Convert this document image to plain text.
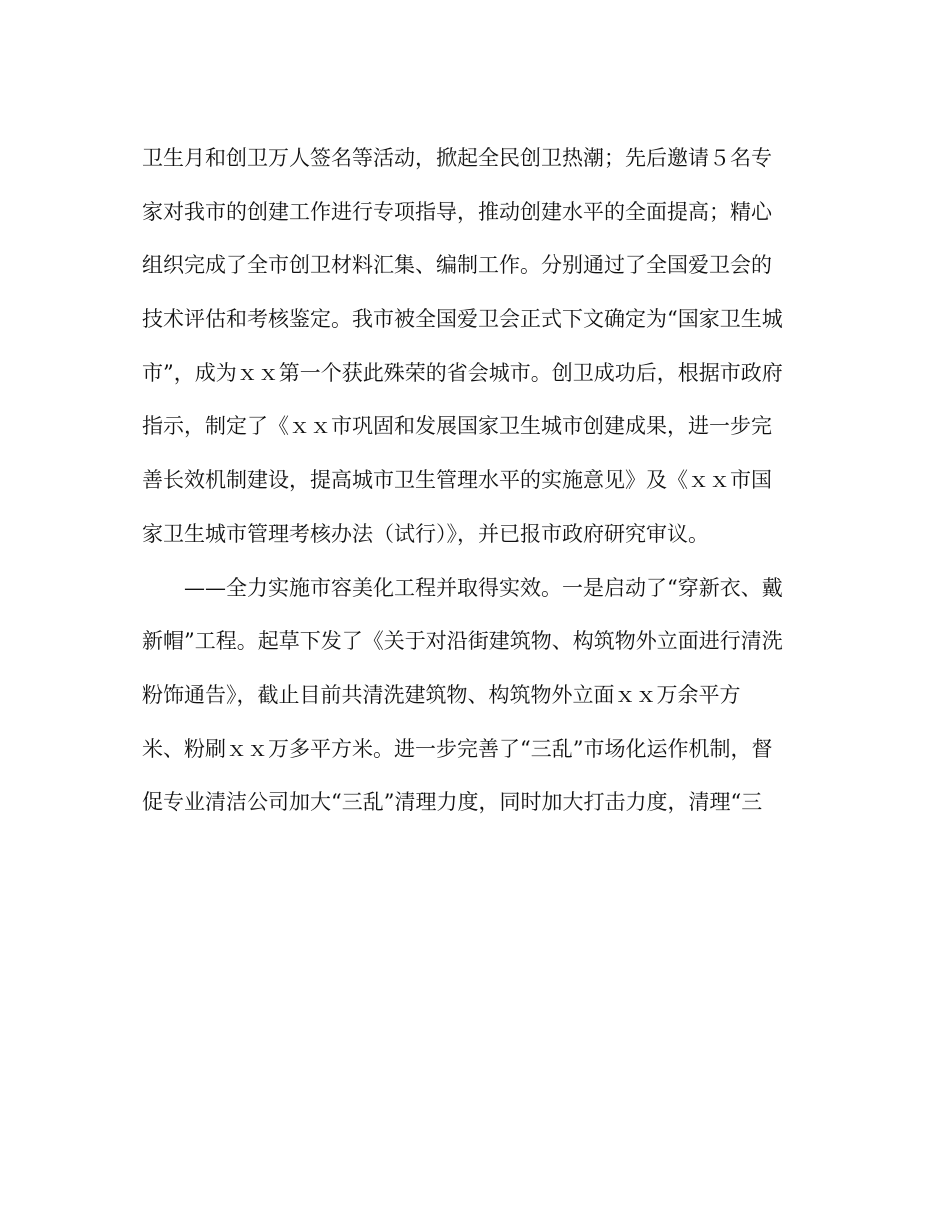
卫生月和创卫万人签名等活动，掀起全民创卫热潮；先后邀请５名专
家对我市的创建工作进行专项指导，推动创建水平的全面提高；精心
组织完成了全市创卫材料汇集、编制工作。分别通过了全国爱卫会的
技术评估和考核鉴定。我市被全国爱卫会正式下文确定为“国家卫生城
市”，成为ｘｘ第一个获此殊荣的省会城市。创卫成功后，根据市政府
指示，制定了《ｘｘ市巩固和发展国家卫生城市创建成果，进一步完
善长效机制建设，提高城市卫生管理水平的实施意见》及《ｘｘ市国
家卫生城市管理考核办法（试行）》，并已报市政府研究审议。
——全力实施市容美化工程并取得实效。一是启动了“穿新衣、戴
新帽”工程。起草下发了《关于对沿街建筑物、构筑物外立面进行清洗
粉饰通告》，截止目前共清洗建筑物、构筑物外立面ｘｘ万余平方
米、粉刷ｘｘ万多平方米。进一步完善了“三乱”市场化运作机制，督
促专业清洁公司加大“三乱”清理力度，同时加大打击力度，清理“三
